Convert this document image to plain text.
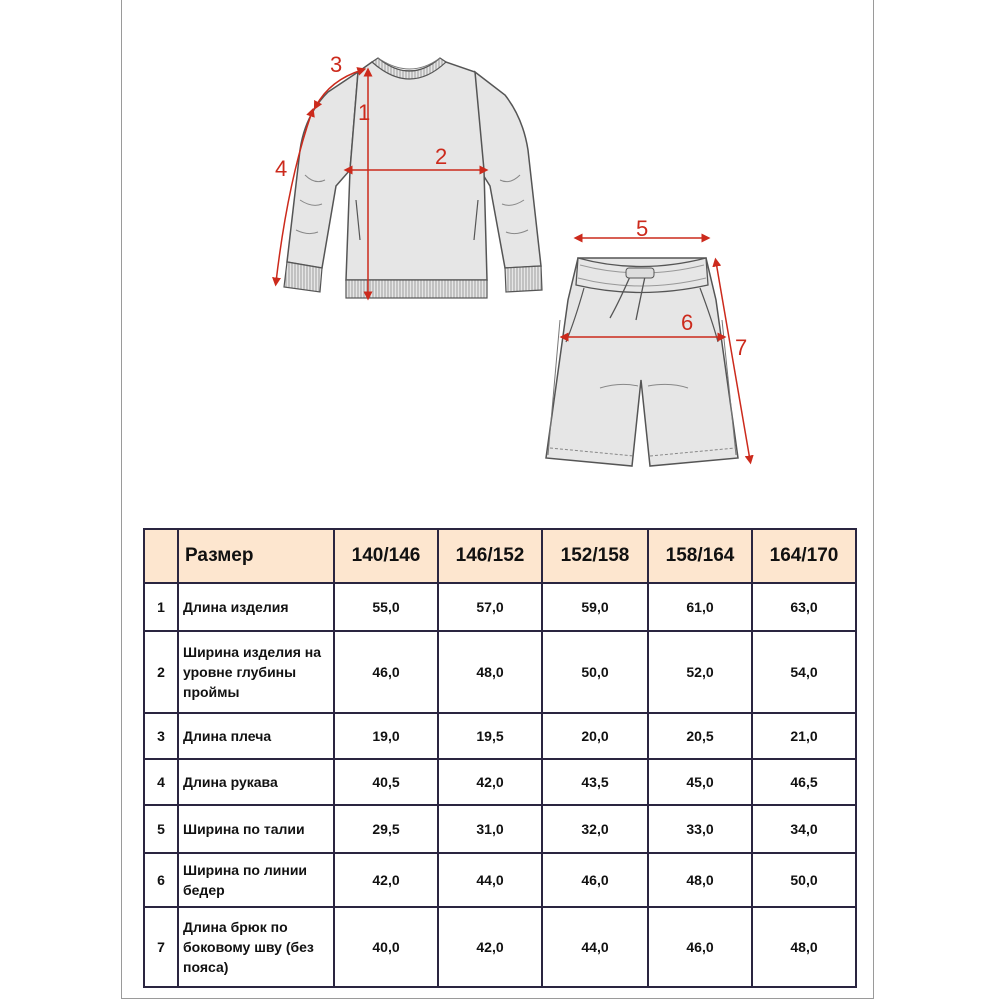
3
1
2
4
5
6
7
	Размер	140/146	146/152	152/158	158/164	164/170
1	Длина изделия	55,0	57,0	59,0	61,0	63,0
2	Ширина изделия на уровне глубины проймы	46,0	48,0	50,0	52,0	54,0
3	Длина плеча	19,0	19,5	20,0	20,5	21,0
4	Длина рукава	40,5	42,0	43,5	45,0	46,5
5	Ширина по талии	29,5	31,0	32,0	33,0	34,0
6	Ширина по линии бедер	42,0	44,0	46,0	48,0	50,0
7	Длина брюк по боковому шву (без пояса)	40,0	42,0	44,0	46,0	48,0
